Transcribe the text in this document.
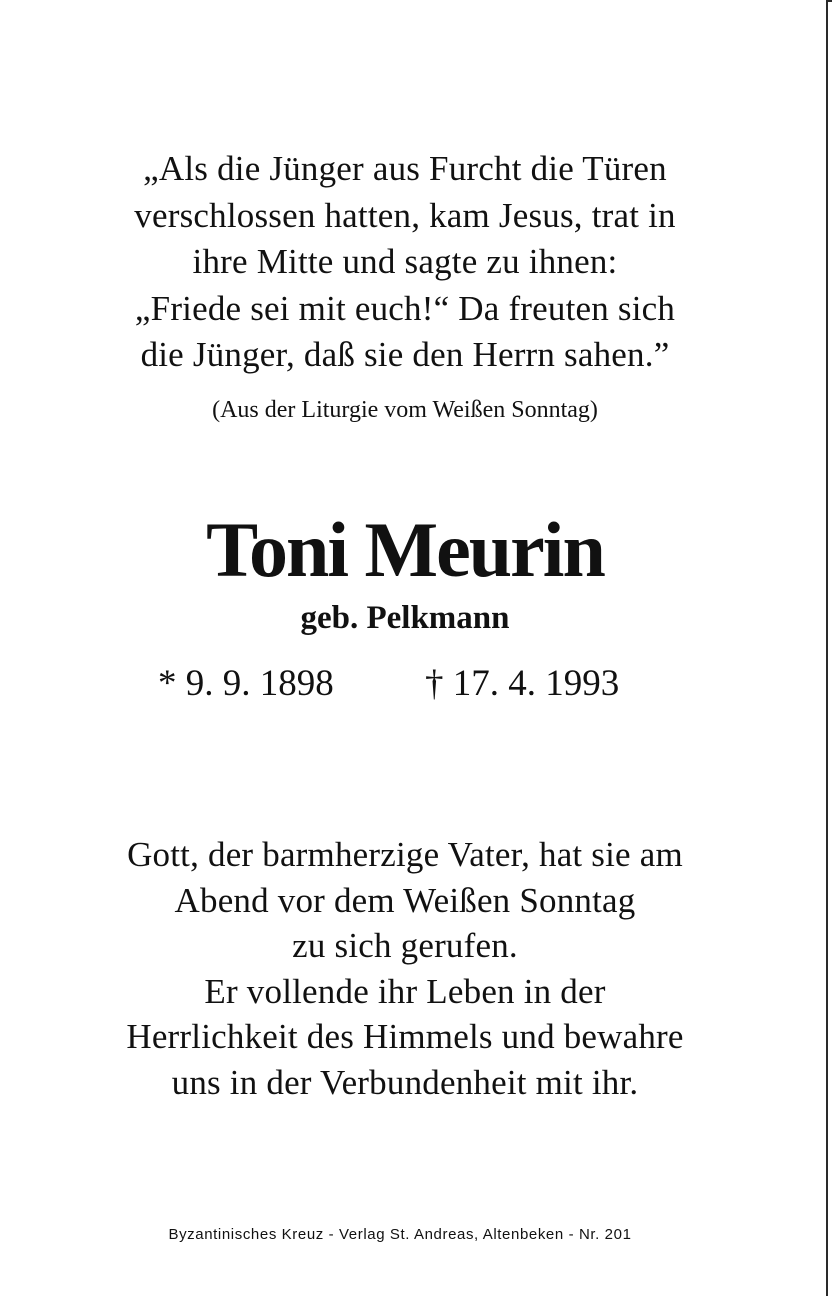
„Als die Jünger aus Furcht die Türen
verschlossen hatten, kam Jesus, trat in
ihre Mitte und sagte zu ihnen:
„Friede sei mit euch!“ Da freuten sich
die Jünger, daß sie den Herrn sahen.”
(Aus der Liturgie vom Weißen Sonntag)
Toni Meurin
geb. Pelkmann
* 9. 9. 1898 † 17. 4. 1993
Gott, der barmherzige Vater, hat sie am
Abend vor dem Weißen Sonntag
zu sich gerufen.
Er vollende ihr Leben in der
Herrlichkeit des Himmels und bewahre
uns in der Verbundenheit mit ihr.
Byzantinisches Kreuz - Verlag St. Andreas, Altenbeken - Nr. 201
